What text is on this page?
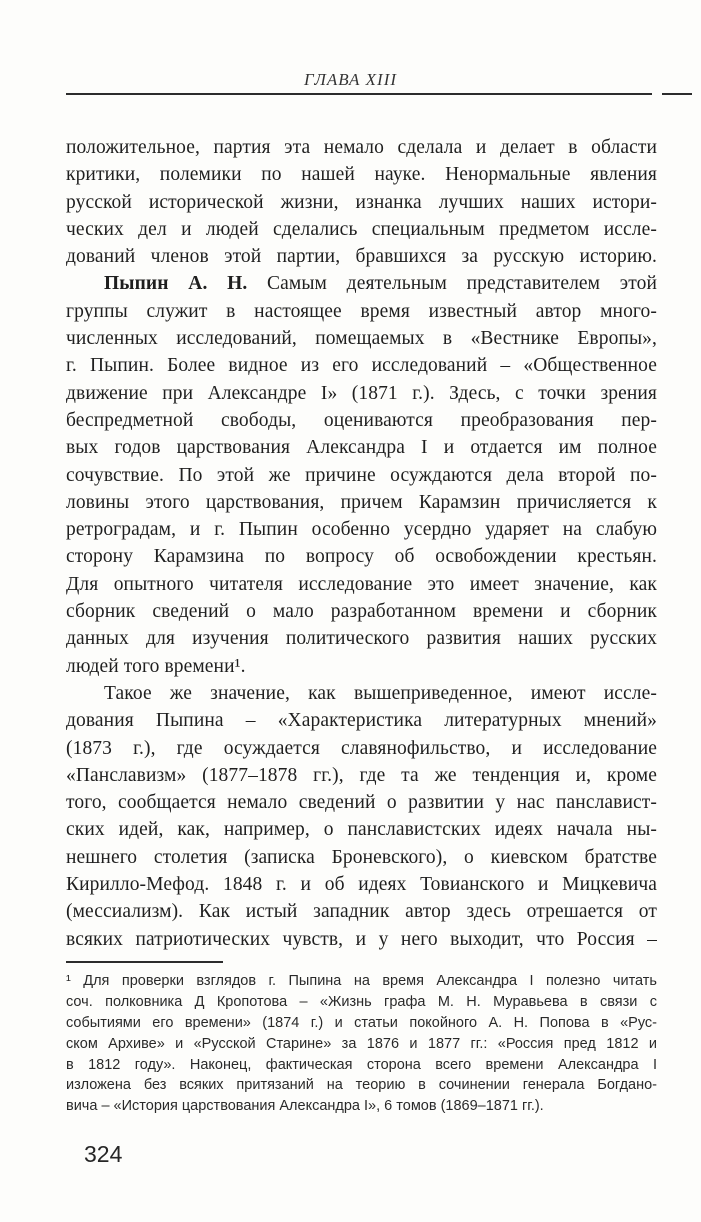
ГЛАВА XIII
положительное, партия эта немало сделала и делает в области
критики, полемики по нашей науке. Ненормальные явления
русской исторической жизни, изнанка лучших наших истори-
ческих дел и людей сделались специальным предметом иссле-
дований членов этой партии, бравшихся за русскую историю.
Пыпин А. Н. Самым деятельным представителем этой
группы служит в настоящее время известный автор много-
численных исследований, помещаемых в «Вестнике Европы»,
г. Пыпин. Более видное из его исследований – «Общественное
движение при Александре I» (1871 г.). Здесь, с точки зрения
беспредметной свободы, оцениваются преобразования пер-
вых годов царствования Александра I и отдается им полное
сочувствие. По этой же причине осуждаются дела второй по-
ловины этого царствования, причем Карамзин причисляется к
ретроградам, и г. Пыпин особенно усердно ударяет на слабую
сторону Карамзина по вопросу об освобождении крестьян.
Для опытного читателя исследование это имеет значение, как
сборник сведений о мало разработанном времени и сборник
данных для изучения политического развития наших русских
людей того времени¹.
Такое же значение, как вышеприведенное, имеют иссле-
дования Пыпина – «Характеристика литературных мнений»
(1873 г.), где осуждается славянофильство, и исследование
«Панславизм» (1877–1878 гг.), где та же тенденция и, кроме
того, сообщается немало сведений о развитии у нас панславист-
ских идей, как, например, о панславистских идеях начала ны-
нешнего столетия (записка Броневского), о киевском братстве
Кирилло-Мефод. 1848 г. и об идеях Товианского и Мицкевича
(мессиализм). Как истый западник автор здесь отрешается от
всяких патриотических чувств, и у него выходит, что Россия –
¹ Для проверки взглядов г. Пыпина на время Александра I полезно читать
соч. полковника Д Кропотова – «Жизнь графа М. Н. Муравьева в связи с
событиями его времени» (1874 г.) и статьи покойного А. Н. Попова в «Рус-
ском Архиве» и «Русской Старине» за 1876 и 1877 гг.: «Россия пред 1812 и
в 1812 году». Наконец, фактическая сторона всего времени Александра I
изложена без всяких притязаний на теорию в сочинении генерала Богдано-
вича – «История царствования Александра I», 6 томов (1869–1871 гг.).
324
